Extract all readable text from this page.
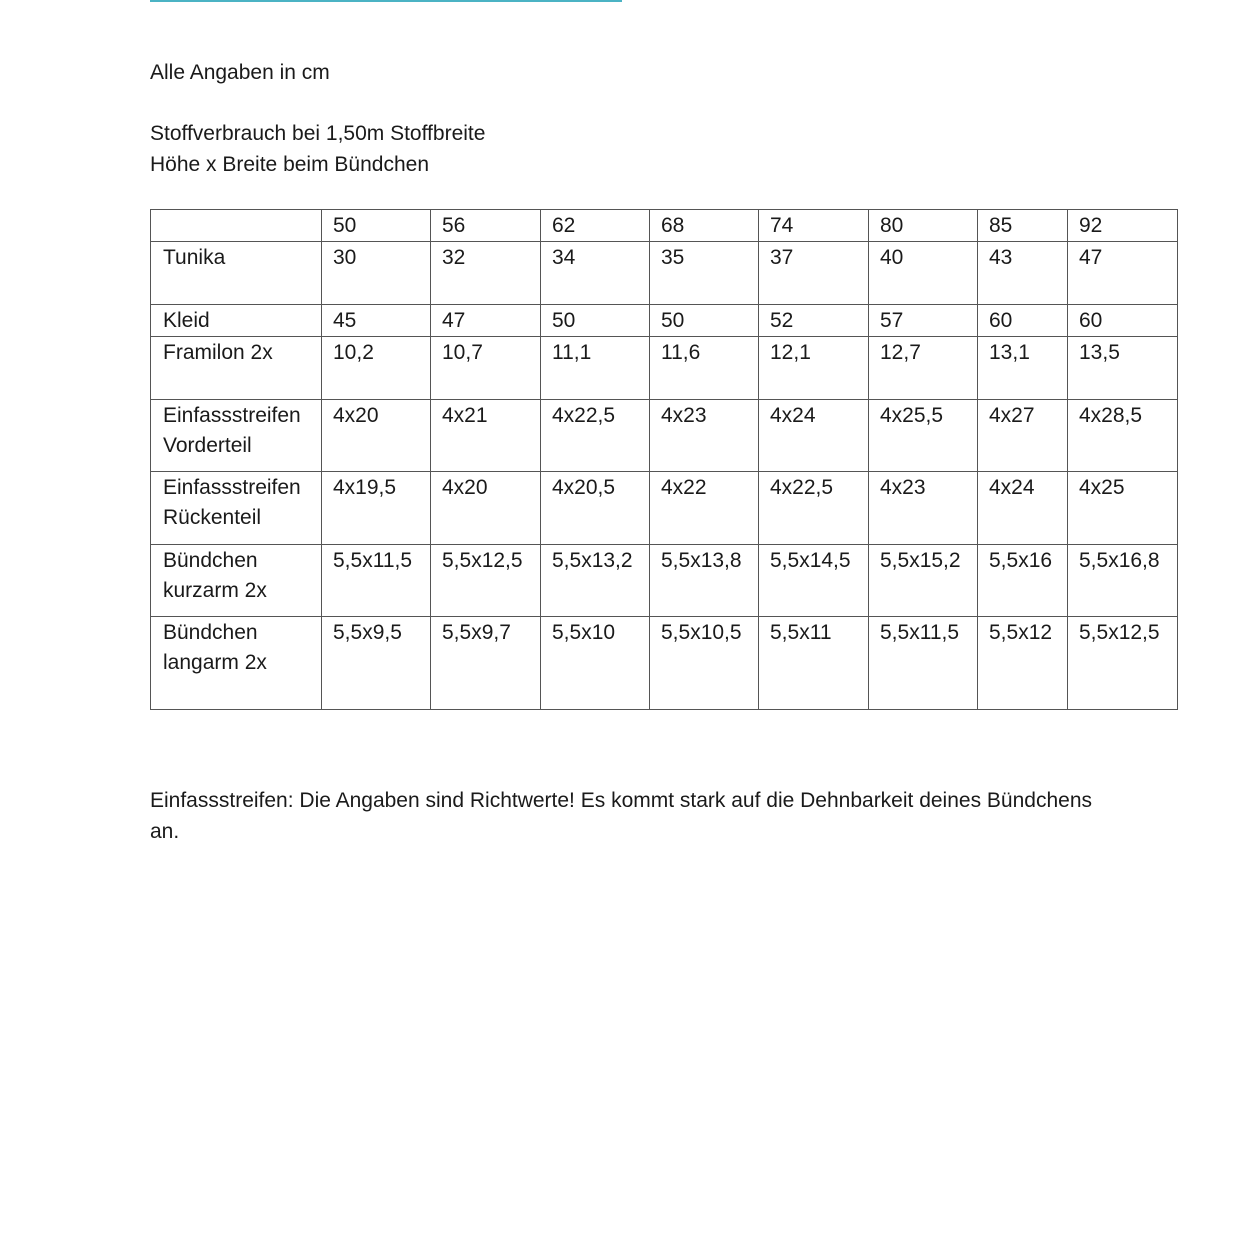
Alle Angaben in cm
Stoffverbrauch bei 1,50m Stoffbreite
Höhe x Breite beim Bündchen
	50	56	62	68	74	80	85	92

Tunika	30	32	34	35	37	40	43	47

Kleid	45	47	50	50	52	57	60	60

Framilon 2x	10,2	10,7	11,1	11,6	12,1	12,7	13,1	13,5

Einfassstreifen
Vorderteil	4x20	4x21	4x22,5	4x23	4x24	4x25,5	4x27	4x28,5

Einfassstreifen
Rückenteil	4x19,5	4x20	4x20,5	4x22	4x22,5	4x23	4x24	4x25

Bündchen
kurzarm 2x	5,5x11,5	5,5x12,5	5,5x13,2	5,5x13,8	5,5x14,5	5,5x15,2	5,5x16	5,5x16,8

Bündchen
langarm 2x	5,5x9,5	5,5x9,7	5,5x10	5,5x10,5	5,5x11	5,5x11,5	5,5x12	5,5x12,5
Einfassstreifen: Die Angaben sind Richtwerte! Es kommt stark auf die Dehnbarkeit deines Bündchens an.
